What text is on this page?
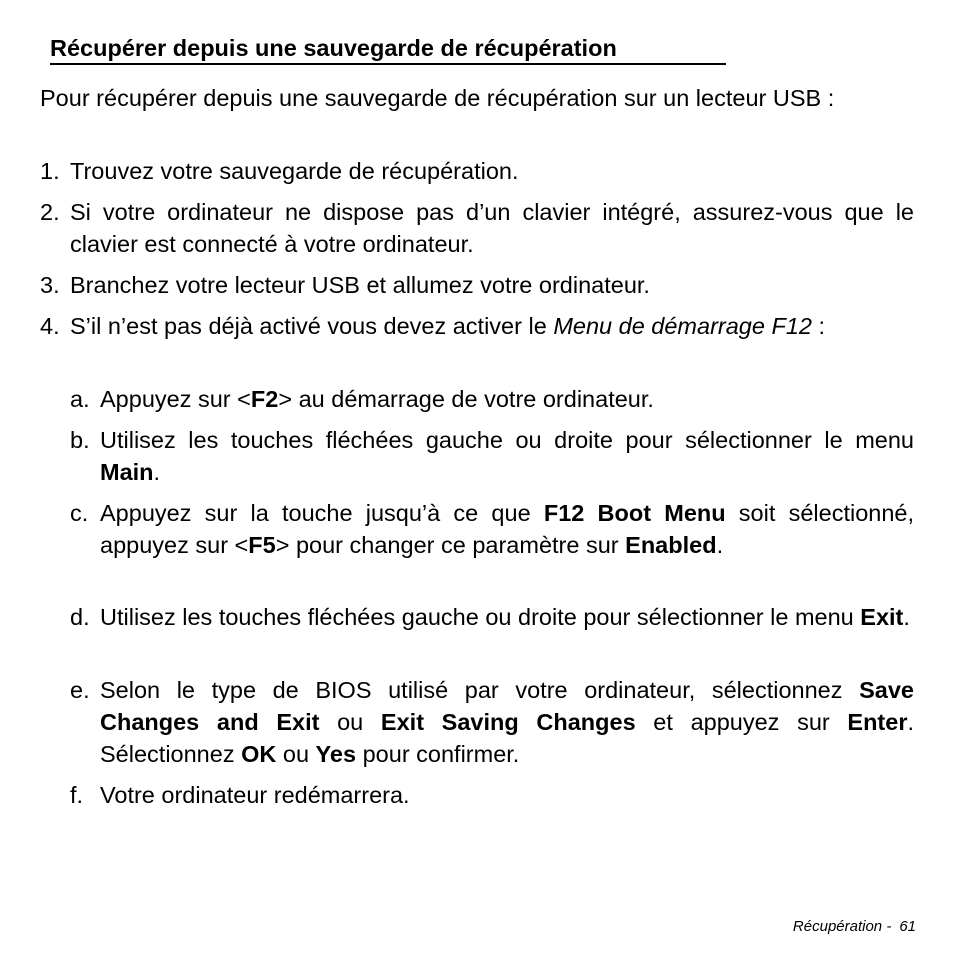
Récupérer depuis une sauvegarde de récupération

Pour récupérer depuis une sauvegarde de récupération sur un lecteur USB :

1. Trouvez votre sauvegarde de récupération.
2. Si votre ordinateur ne dispose pas d’un clavier intégré, assurez-vous que le clavier est connecté à votre ordinateur.
3. Branchez votre lecteur USB et allumez votre ordinateur.
4. S’il n’est pas déjà activé vous devez activer le Menu de démarrage F12 :
a. Appuyez sur <F2> au démarrage de votre ordinateur.
b. Utilisez les touches fléchées gauche ou droite pour sélectionner le menu Main.
c. Appuyez sur la touche jusqu’à ce que F12 Boot Menu soit sélectionné, appuyez sur <F5> pour changer ce paramètre sur Enabled.
d. Utilisez les touches fléchées gauche ou droite pour sélectionner le menu Exit.
e. Selon le type de BIOS utilisé par votre ordinateur, sélectionnez Save Changes and Exit ou Exit Saving Changes et appuyez sur Enter. Sélectionnez OK ou Yes pour confirmer.
f. Votre ordinateur redémarrera.
Récupération - 61
